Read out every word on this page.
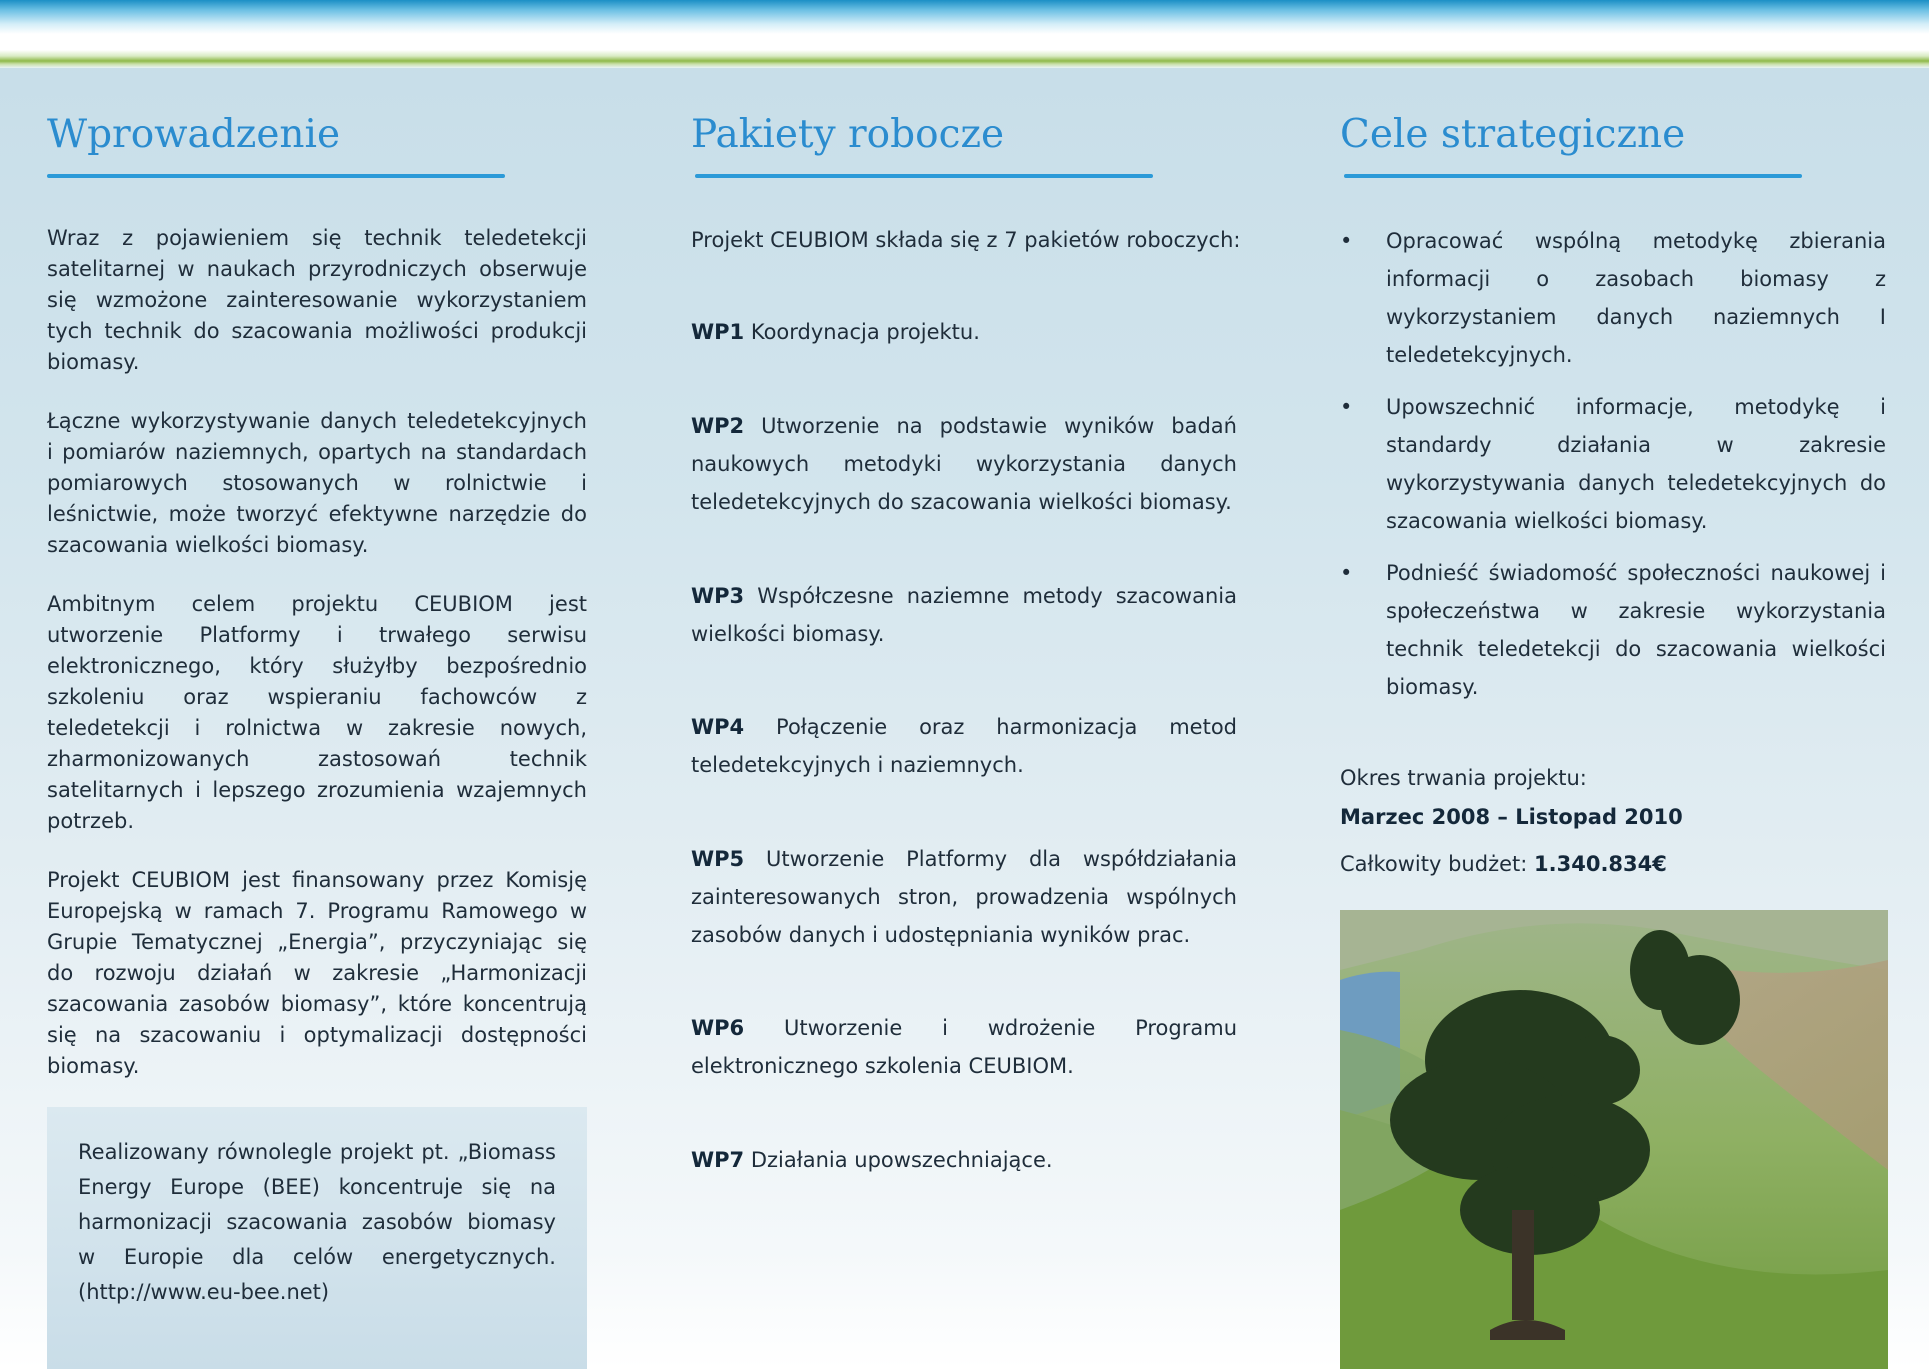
Wprowadzenie

Wraz z pojawieniem się technik teledetekcji satelitarnej w naukach przyrodniczych obserwuje się wzmożone zainteresowanie wykorzystaniem tych technik do szacowania możliwości produkcji biomasy.

Łączne wykorzystywanie danych teledetekcyjnych i pomiarów naziemnych, opartych na standardach pomiarowych stosowanych w rolnictwie i leśnictwie, może tworzyć efektywne narzędzie do szacowania wielkości biomasy.

Ambitnym celem projektu CEUBIOM jest utworzenie Platformy i trwałego serwisu elektronicznego, który służyłby bezpośrednio szkoleniu oraz wspieraniu fachowców z teledetekcji i rolnictwa w zakresie nowych, zharmonizowanych zastosowań technik satelitarnych i lepszego zrozumienia wzajemnych potrzeb.

Projekt CEUBIOM jest finansowany przez Komisję Europejską w ramach 7. Programu Ramowego w Grupie Tematycznej „Energia”, przyczyniając się do rozwoju działań w zakresie „Harmonizacji szacowania zasobów biomasy”, które koncentrują się na szacowaniu i optymalizacji dostępności biomasy.

Realizowany równolegle projekt pt. „Biomass Energy Europe (BEE) koncentruje się na harmonizacji szacowania zasobów biomasy w Europie dla celów energetycznych. (http://www.eu-bee.net)
Pakiety robocze
Projekt CEUBIOM składa się z 7 pakietów roboczych:
WP1 Koordynacja projektu.
WP2 Utworzenie na podstawie wyników badań naukowych metodyki wykorzystania danych teledetekcyjnych do szacowania wielkości biomasy.
WP3 Współczesne naziemne metody szacowania wielkości biomasy.
WP4 Połączenie oraz harmonizacja metod teledetekcyjnych i naziemnych.
WP5 Utworzenie Platformy dla współdziałania zainteresowanych stron, prowadzenia wspólnych zasobów danych i udostępniania wyników prac.
WP6 Utworzenie i wdrożenie Programu elektronicznego szkolenia CEUBIOM.
WP7 Działania upowszechniające.
Cele strategiczne
• Opracować wspólną metodykę zbierania informacji o zasobach biomasy z wykorzystaniem danych naziemnych I teledetekcyjnych.
• Upowszechnić informacje, metodykę i standardy działania w zakresie wykorzystywania danych teledetekcyjnych do szacowania wielkości biomasy.
• Podnieść świadomość społeczności naukowej i społeczeństwa w zakresie wykorzystania technik teledetekcji do szacowania wielkości biomasy.
Okres trwania projektu:
Marzec 2008 – Listopad 2010
Całkowity budżet: 1.340.834€
